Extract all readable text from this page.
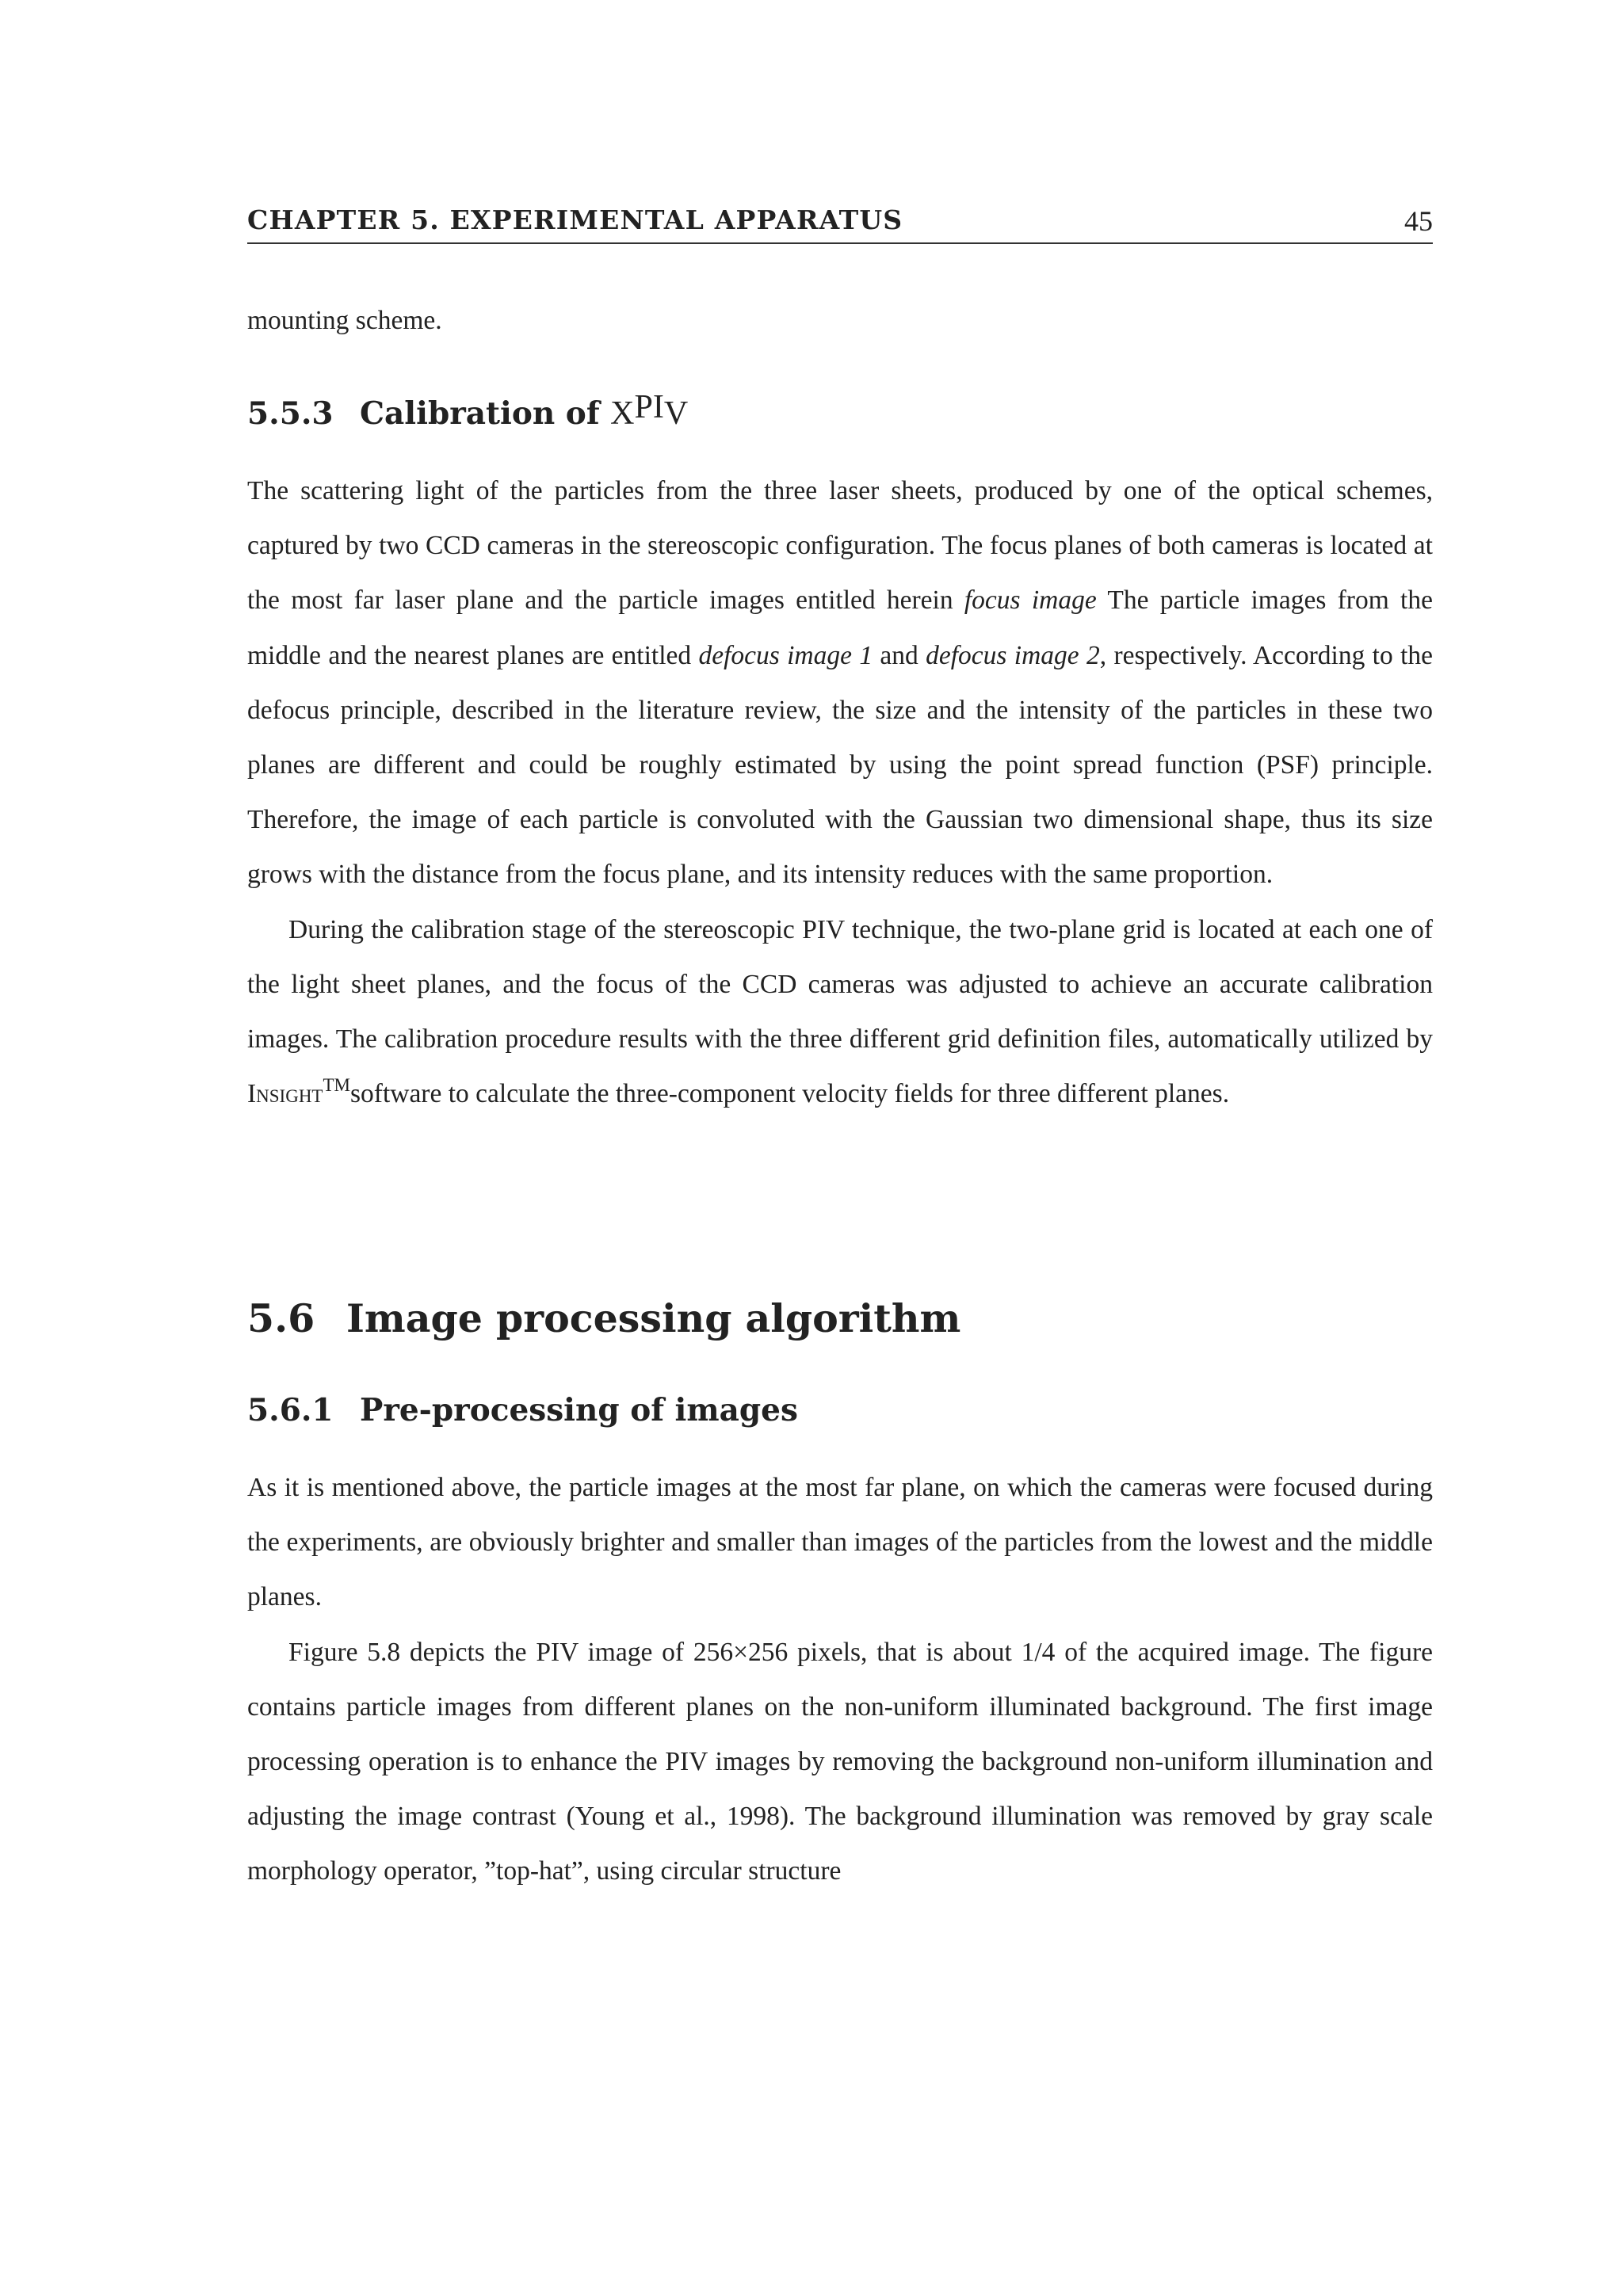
CHAPTER 5. EXPERIMENTAL APPARATUS	45

mounting scheme.

5.5.3 Calibration of XPIV

The scattering light of the particles from the three laser sheets, produced by one of the optical schemes, captured by two CCD cameras in the stereoscopic configuration. The focus planes of both cameras is located at the most far laser plane and the particle images entitled herein focus image The particle images from the middle and the nearest planes are entitled defocus image 1 and defocus image 2, respectively. According to the defocus principle, described in the literature review, the size and the intensity of the particles in these two planes are different and could be roughly estimated by using the point spread function (PSF) principle. Therefore, the image of each particle is convoluted with the Gaussian two dimensional shape, thus its size grows with the distance from the focus plane, and its intensity reduces with the same proportion.

During the calibration stage of the stereoscopic PIV technique, the two-plane grid is located at each one of the light sheet planes, and the focus of the CCD cameras was adjusted to achieve an accurate calibration images. The calibration procedure results with the three different grid definition files, automatically utilized by Insight™software to calculate the three-component velocity fields for three different planes.

5.6 Image processing algorithm
5.6.1 Pre-processing of images

As it is mentioned above, the particle images at the most far plane, on which the cameras were focused during the experiments, are obviously brighter and smaller than images of the particles from the lowest and the middle planes.

Figure 5.8 depicts the PIV image of 256×256 pixels, that is about 1/4 of the acquired image. The figure contains particle images from different planes on the non-uniform illuminated background. The first image processing operation is to enhance the PIV images by removing the background non-uniform illumination and adjusting the image contrast (Young et al., 1998). The background illumination was removed by gray scale morphology operator, ”top-hat”, using circular structure
